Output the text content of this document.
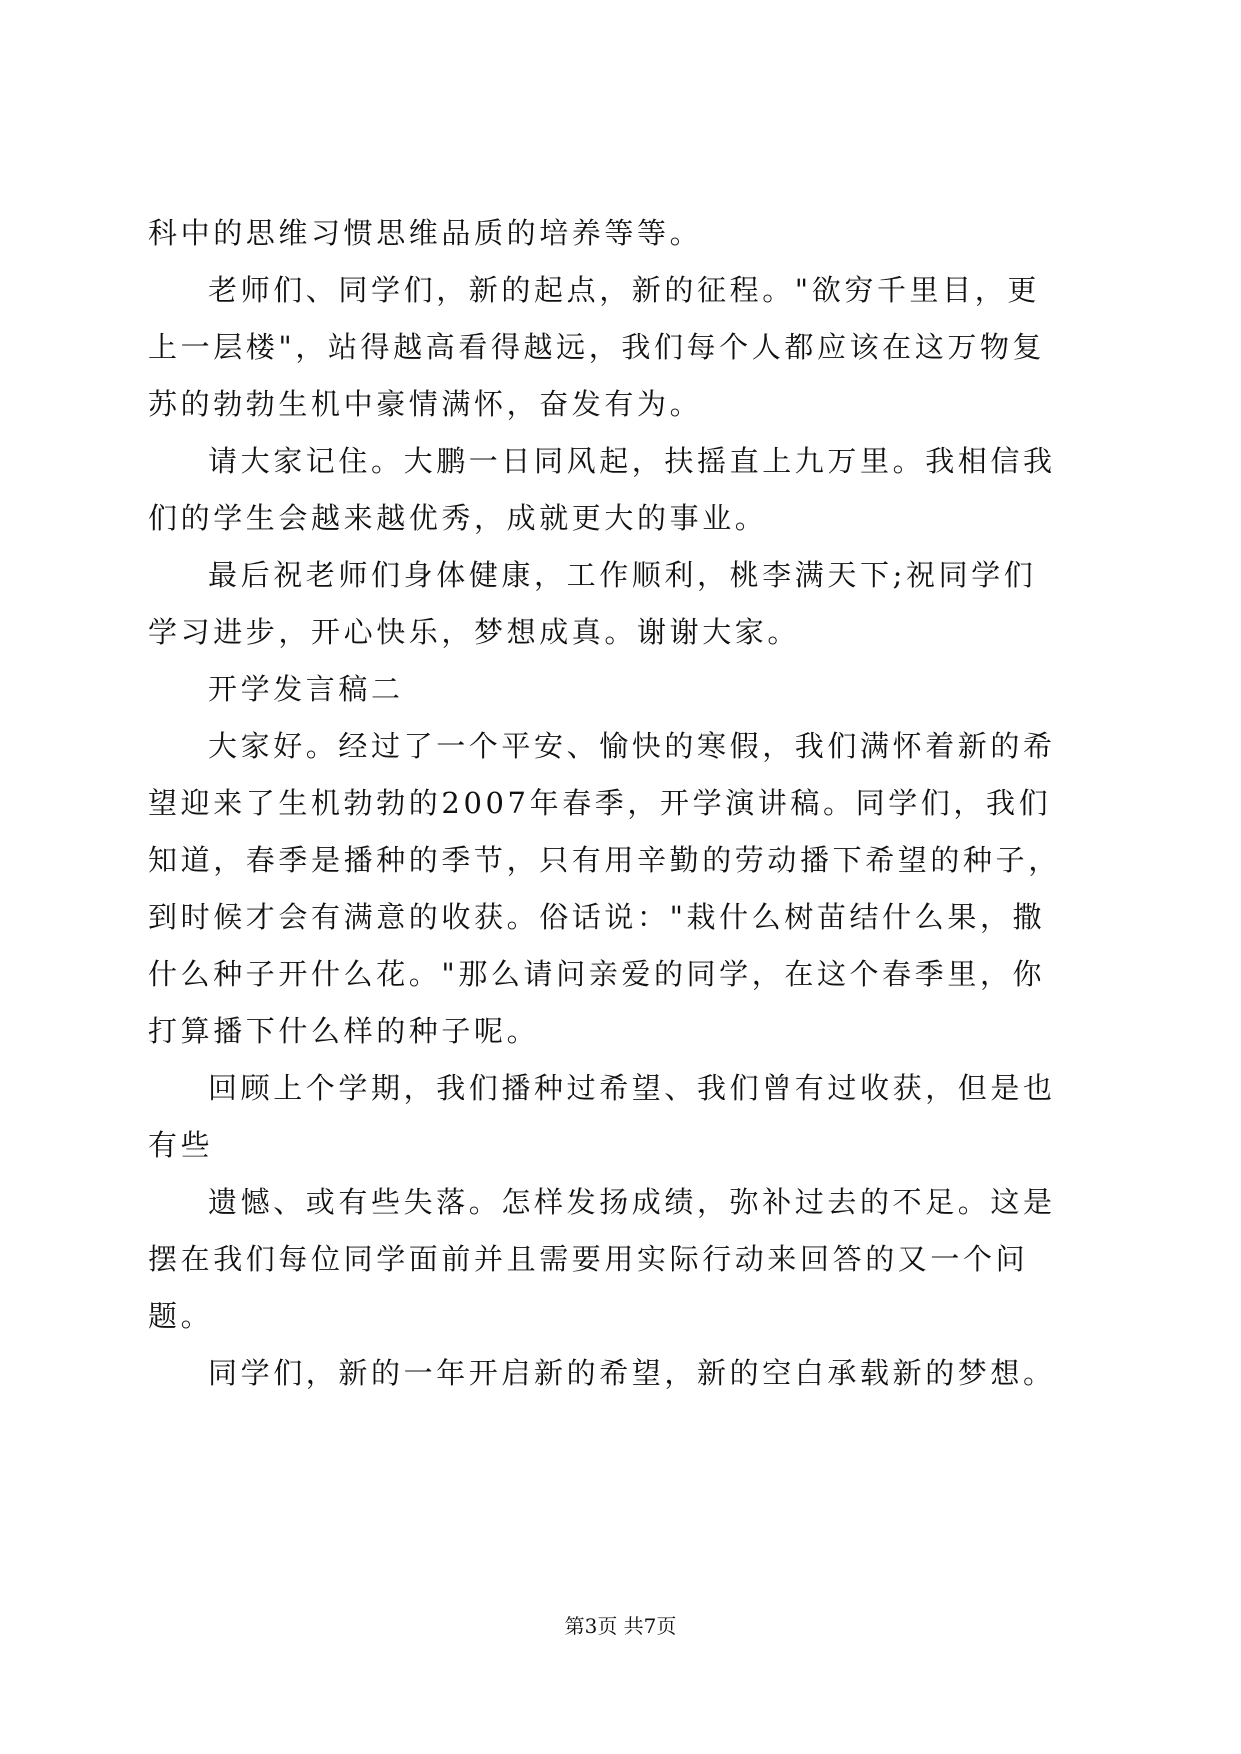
科中的思维习惯思维品质的培养等等。
老师们、同学们，新的起点，新的征程。"欲穷千里目，更
上一层楼"，站得越高看得越远，我们每个人都应该在这万物复
苏的勃勃生机中豪情满怀，奋发有为。
请大家记住。大鹏一日同风起，扶摇直上九万里。我相信我
们的学生会越来越优秀，成就更大的事业。
最后祝老师们身体健康，工作顺利，桃李满天下;祝同学们
学习进步，开心快乐，梦想成真。谢谢大家。
开学发言稿二
大家好。经过了一个平安、愉快的寒假，我们满怀着新的希
望迎来了生机勃勃的2007年春季，开学演讲稿。同学们，我们
知道，春季是播种的季节，只有用辛勤的劳动播下希望的种子，
到时候才会有满意的收获。俗话说："栽什么树苗结什么果，撒
什么种子开什么花。"那么请问亲爱的同学，在这个春季里，你
打算播下什么样的种子呢。
回顾上个学期，我们播种过希望、我们曾有过收获，但是也
有些
遗憾、或有些失落。怎样发扬成绩，弥补过去的不足。这是
摆在我们每位同学面前并且需要用实际行动来回答的又一个问
题。
同学们，新的一年开启新的希望，新的空白承载新的梦想。
第3页 共7页
